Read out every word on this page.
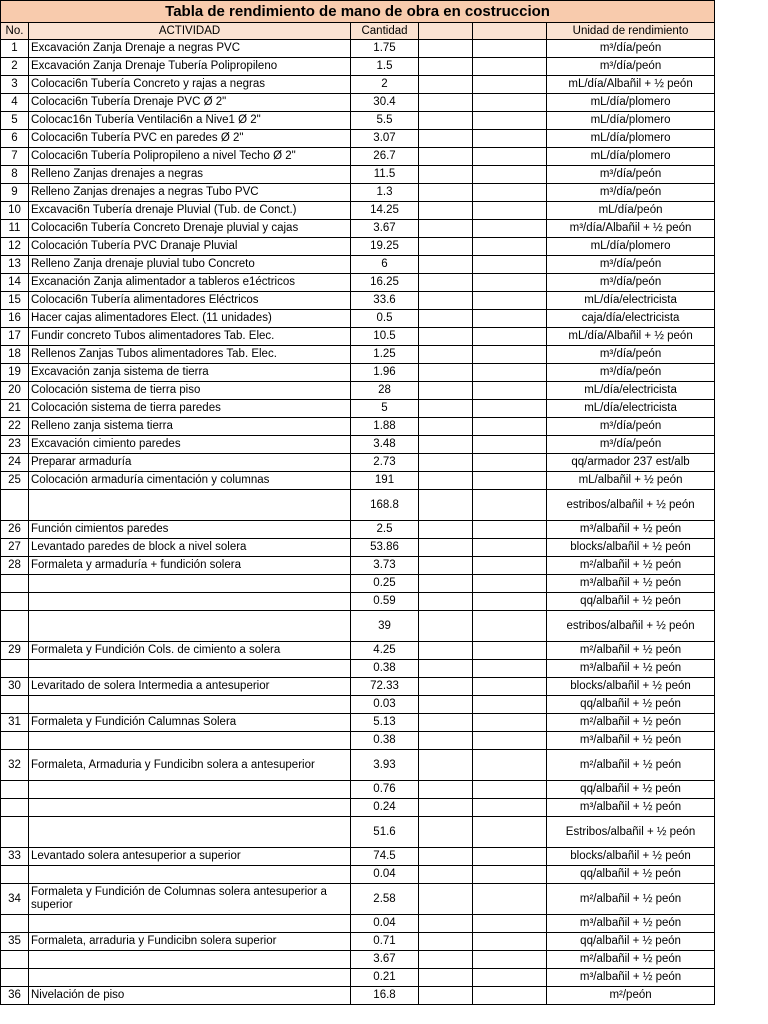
Tabla de rendimiento de mano de obra en costruccion					
No.	ACTIVIDAD	Cantidad			Unidad de rendimiento
1	Excavación Zanja Drenaje a negras PVC	1.75			m³/día/peón
2	Excavación Zanja Drenaje Tubería Polipropileno	1.5			m³/día/peón
3	Colocaci6n Tubería Concreto y rajas a negras	2			mL/día/Albañil + ½ peón
4	Colocaci6n Tubería Drenaje PVC Ø 2"	30.4			mL/día/plomero
5	Colocac16n Tubería Ventilaci6n a Nive1 Ø 2"	5.5			mL/día/plomero
6	Colocaci6n Tubería PVC en paredes Ø 2"	3.07			mL/día/plomero
7	Colocaci6n Tubería Polipropileno a nivel Techo Ø 2"	26.7			mL/día/plomero
8	Relleno Zanjas drenajes a negras	11.5			m³/día/peón
9	Relleno Zanjas drenajes a negras Tubo PVC	1.3			m³/día/peón
10	Excavaci6n Tubería drenaje Pluvial (Tub. de Conct.)	14.25			mL/día/peón
11	Colocaci6n Tubería Concreto Drenaje pluvial y cajas	3.67			m³/día/Albañil + ½ peón
12	Colocación Tubería PVC Dranaje Pluvial	19.25			mL/día/plomero
13	Relleno Zanja drenaje pluvial tubo Concreto	6			m³/día/peón
14	Excanación Zanja alimentador a tableros e1éctricos	16.25			m³/día/peón
15	Colocaci6n Tubería alimentadores Eléctricos	33.6			mL/día/electricista
16	Hacer cajas alimentadores Elect. (11 unidades)	0.5			caja/día/electricista
17	Fundir concreto Tubos alimentadores Tab. Elec.	10.5			mL/día/Albañil + ½ peón
18	Rellenos Zanjas Tubos alimentadores Tab. Elec.	1.25			m³/día/peón
19	Excavación zanja sistema de tierra	1.96			m³/día/peón
20	Colocación sistema de tierra piso	28			mL/día/electricista
21	Colocación sistema de tierra paredes	5			mL/día/electricista
22	Relleno zanja sistema tierra	1.88			m³/día/peón
23	Excavación cimiento paredes	3.48			m³/día/peón
24	Preparar armaduría	2.73			qq/armador 237 est/alb
25	Colocación armaduría cimentación y columnas	191			mL/albañil + ½ peón
		168.8			estribos/albañil + ½ peón
26	Función cimientos paredes	2.5			m³/albañil + ½ peón
27	Levantado paredes de block a nivel solera	53.86			blocks/albañil + ½ peón
28	Formaleta y armaduría + fundición solera	3.73			m²/albañil + ½ peón
		0.25			m³/albañil + ½ peón
		0.59			qq/albañil + ½ peón
		39			estribos/albañil + ½ peón
29	Formaleta y Fundición Cols. de cimiento a solera	4.25			m²/albañil + ½ peón
		0.38			m³/albañil + ½ peón
30	Levaritado de solera Intermedia a antesuperior	72.33			blocks/albañil + ½ peón
		0.03			qq/albañil + ½ peón
31	Formaleta y Fundición Calumnas Solera	5.13			m²/albañil + ½ peón
		0.38			m³/albañil + ½ peón
32	Formaleta, Armaduria y Fundicibn solera a antesuperior	3.93			m²/albañil + ½ peón
		0.76			qq/albañil + ½ peón
		0.24			m³/albañil + ½ peón
		51.6			Estribos/albañil + ½ peón
33	Levantado solera antesuperior a superior	74.5			blocks/albañil + ½ peón
		0.04			qq/albañil + ½ peón
34	Formaleta y Fundición de Columnas solera antesuperior a superior	2.58			m²/albañil + ½ peón
		0.04			m³/albañil + ½ peón
35	Formaleta, arraduria y Fundicibn solera superior	0.71			qq/albañil + ½ peón
		3.67			m²/albañil + ½ peón
		0.21			m³/albañil + ½ peón
36	Nivelación de piso	16.8			m²/peón
